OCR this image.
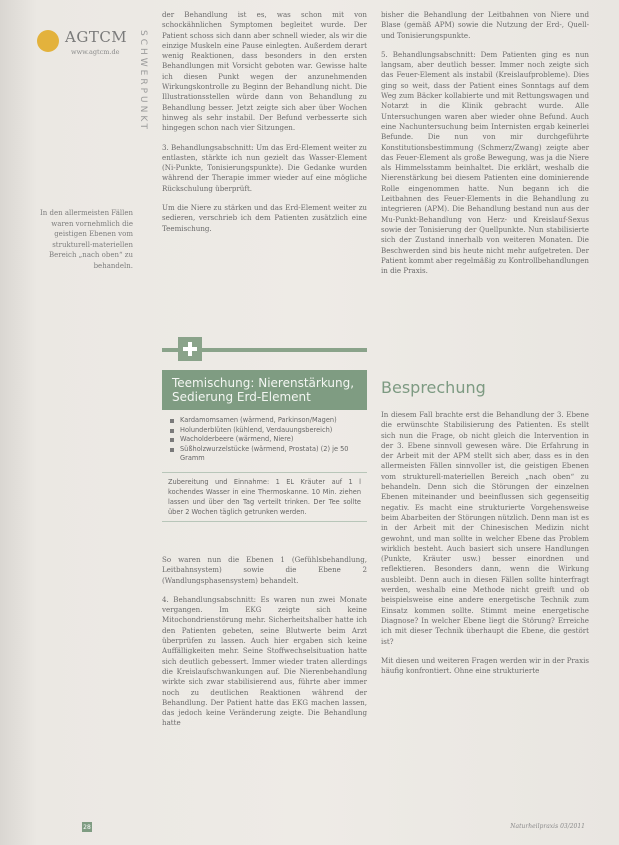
AGTCM
www.agtcm.de SCHWERPUNKT
In den allermeisten Fällen waren vornehmlich die geistigen Ebenen vom strukturell-materiellen Bereich „nach oben“ zu behandeln.

der Behandlung ist es, was schon mit von schockähnlichen Symptomen begleitet wurde. Der Patient schoss sich dann aber schnell wieder, als wir die einzige Muskeln eine Pause einlegten. Außerdem derart wenig Reaktionen, dass besonders in den ersten Behandlungen mit Vorsicht geboten war. Gewisse halte ich diesen Punkt wegen der anzunehmenden Wirkungskontrolle zu Beginn der Behandlung nicht. Die Illustrationsstellen würde dann von Behandlung zu Behandlung besser. Jetzt zeigte sich aber über Wochen hinweg als sehr instabil. Der Befund verbesserte sich hingegen schon nach vier Sitzungen.

3. Behandlungsabschnitt: Um das Erd-Element weiter zu entlasten, stärkte ich nun gezielt das Wasser-Element (Ni-Punkte, Tonisierungspunkte). Die Gedanke wurden während der Therapie immer wieder auf eine mögliche Rückschulung überprüft.

Um die Niere zu stärken und das Erd-Element weiter zu sedieren, verschrieb ich dem Patienten zusätzlich eine Teemischung.

Teemischung: Nierenstärkung, Sedierung Erd-Element
Kardamomsamen (wärmend, Parkinson/Magen)
Holunderblüten (kühlend, Verdauungsbereich)
Wacholderbeere (wärmend, Niere)
Süßholzwurzelstücke (wärmend, Prostata) (2) je 50 Gramm
Zubereitung und Einnahme: 1 EL Kräuter auf 1 l kochendes Wasser in eine Thermoskanne. 10 Min. ziehen lassen und über den Tag verteilt trinken. Der Tee sollte über 2 Wochen täglich getrunken werden.

So waren nun die Ebenen 1 (Gefühlsbehandlung, Leitbahnsystem) sowie die Ebene 2 (Wandlungsphasensystem) behandelt.

4. Behandlungsabschnitt: Es waren nun zwei Monate vergangen. Im EKG zeigte sich keine Mitochondrienstörung mehr. Sicherheitshalber hatte ich den Patienten gebeten, seine Blutwerte beim Arzt überprüfen zu lassen. Auch hier ergaben sich keine Auffälligkeiten mehr. Seine Stoffwechselsituation hatte sich deutlich gebessert. Immer wieder traten allerdings die Kreislaufschwankungen auf. Die Nierenbehandlung wirkte sich zwar stabilisierend aus, führte aber immer noch zu deutlichen Reaktionen während der Behandlung. Der Patient hatte das EKG machen lassen, das jedoch keine Veränderung zeigte. Die Behandlung hatte

bisher die Behandlung der Leitbahnen von Niere und Blase (gemäß APM) sowie die Nutzung der Erd-, Quell- und Tonisierungspunkte.

5. Behandlungsabschnitt: Dem Patienten ging es nun langsam, aber deutlich besser. Immer noch zeigte sich das Feuer-Element als instabil (Kreislaufprobleme). Dies ging so weit, dass der Patient eines Sonntags auf dem Weg zum Bäcker kollabierte und mit Rettungswagen und Notarzt in die Klinik gebracht wurde. Alle Untersuchungen waren aber wieder ohne Befund. Auch eine Nachuntersuchung beim Internisten ergab keinerlei Befunde. Die nun von mir durchgeführte Konstitutionsbestimmung (Schmerz/Zwang) zeigte aber das Feuer-Element als große Bewegung, was ja die Niere als Himmelsstamm beinhaltet. Die erklärt, weshalb die Nierenstärkung bei diesem Patienten eine dominierende Rolle eingenommen hatte. Nun begann ich die Leitbahnen des Feuer-Elements in die Behandlung zu integrieren (APM). Die Behandlung bestand nun aus der Mu-Punkt-Behandlung von Herz- und Kreislauf-Sexus sowie der Tonisierung der Quellpunkte. Nun stabilisierte sich der Zustand innerhalb von weiteren Monaten. Die Beschwerden sind bis heute nicht mehr aufgetreten. Der Patient kommt aber regelmäßig zu Kontrollbehandlungen in die Praxis.

Besprechung

In diesem Fall brachte erst die Behandlung der 3. Ebene die erwünschte Stabilisierung des Patienten. Es stellt sich nun die Frage, ob nicht gleich die Intervention in der 3. Ebene sinnvoll gewesen wäre. Die Erfahrung in der Arbeit mit der APM stellt sich aber, dass es in den allermeisten Fällen sinnvoller ist, die geistigen Ebenen vom strukturell-materiellen Bereich „nach oben“ zu behandeln. Denn sich die Störungen der einzelnen Ebenen miteinander und beeinflussen sich gegenseitig negativ. Es macht eine strukturierte Vorgehensweise beim Abarbeiten der Störungen nützlich. Denn man ist es in der Arbeit mit der Chinesischen Medizin nicht gewohnt, und man sollte in welcher Ebene das Problem wirklich besteht. Auch basiert sich unsere Handlungen (Punkte, Kräuter usw.) besser einordnen und reflektieren. Besonders dann, wenn die Wirkung ausbleibt. Denn auch in diesen Fällen sollte hinterfragt werden, weshalb eine Methode nicht greift und ob beispielsweise eine andere energetische Technik zum Einsatz kommen sollte. Stimmt meine energetische Diagnose? In welcher Ebene liegt die Störung? Erreiche ich mit dieser Technik überhaupt die Ebene, die gestört ist?

Mit diesen und weiteren Fragen werden wir in der Praxis häufig konfrontiert. Ohne eine strukturierte

28	Naturheilpraxis 03/2011
